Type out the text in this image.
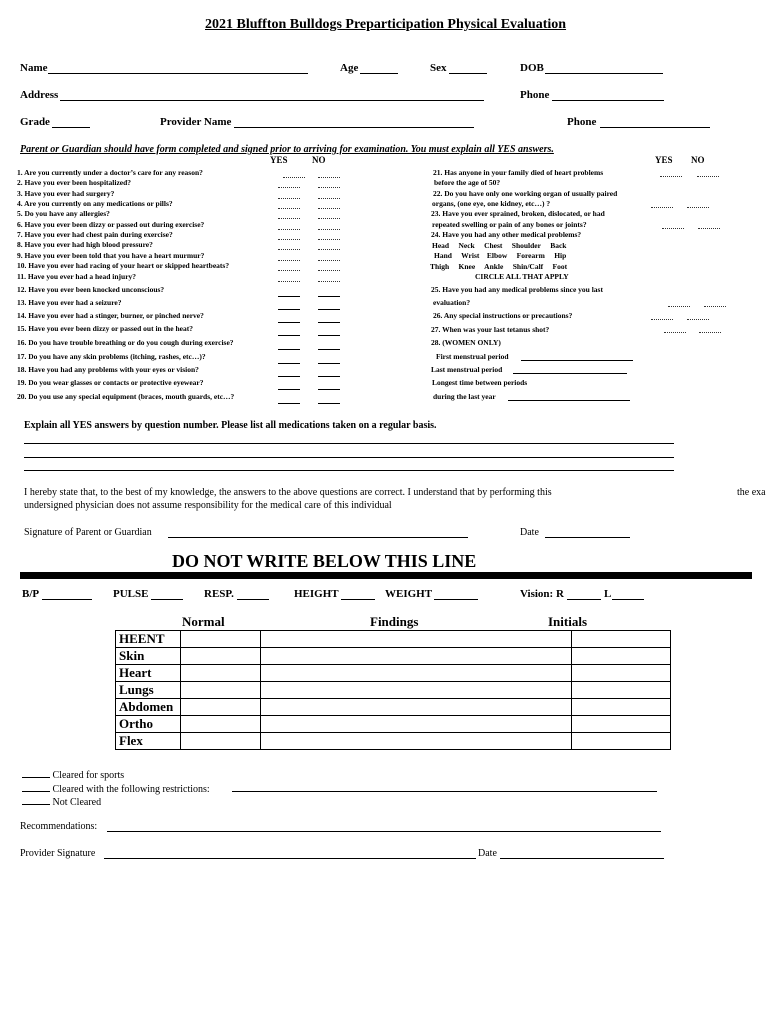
2021 Bluffton Bulldogs Preparticipation Physical Evaluation
Name	Age	Sex	DOB
Address	Phone
Grade	Provider Name	Phone
Parent or Guardian should have form completed and signed prior to arriving for examination. You must explain all YES answers.
YES	NO	YES NO
1. Are you currently under a doctor’s care for any reason?
2. Have you ever been hospitalized?
3. Have you ever had surgery?
4. Are you currently on any medications or pills?
5. Do you have any allergies?
6. Have you ever been dizzy or passed out during exercise?
7. Have you ever had chest pain during exercise?
8. Have you ever had high blood pressure?
9. Have you ever been told that you have a heart murmur?
10. Have you ever had racing of your heart or skipped heartbeats?
11. Have you ever had a head injury?
12. Have you ever been knocked unconscious?
13. Have you ever had a seizure?
14. Have you ever had a stinger, burner, or pinched nerve?
15. Have you ever been dizzy or passed out in the heat?
16. Do you have trouble breathing or do you cough during exercise?
17. Do you have any skin problems (itching, rashes, etc…)?
18. Have you had any problems with your eyes or vision?
19. Do you wear glasses or contacts or protective eyewear?
20. Do you use any special equipment (braces, mouth guards, etc…?
21. Has anyone in your family died of heart problems
before the age of 50?
22. Do you have only one working organ of usually paired
organs, (one eye, one kidney, etc…) ?
23. Have you ever sprained, broken, dislocated, or had
repeated swelling or pain of any bones or joints?
24. Have you had any other medical problems?
Head     Neck     Chest     Shoulder     Back
Hand     Wrist    Elbow     Forearm     Hip
Thigh     Knee     Ankle     Shin/Calf     Foot
CIRCLE ALL THAT APPLY
25. Have you had any medical problems since you last
evaluation?
26. Any special instructions or precautions?
27. When was your last tetanus shot?
28. (WOMEN ONLY)
First menstrual period
Last menstrual period
Longest time between periods
during the last year
Explain all YES answers by question number. Please list all medications taken on a regular basis.
I hereby state that, to the best of my knowledge, the answers to the above questions are correct. I understand that by performing this	the exa
undersigned physician does not assume responsibility for the medical care of this individual
Signature of Parent or Guardian	Date
DO NOT WRITE BELOW THIS LINE
B/P	PULSE	RESP.	HEIGHT	WEIGHT	Vision: R	L
Normal	Findings	Initials
HEENT			
Skin			
Heart			
Lungs			
Abdomen			
Ortho			
Flex			
Cleared for sports
Cleared with the following restrictions:
Not Cleared
Recommendations:
Provider Signature	Date
